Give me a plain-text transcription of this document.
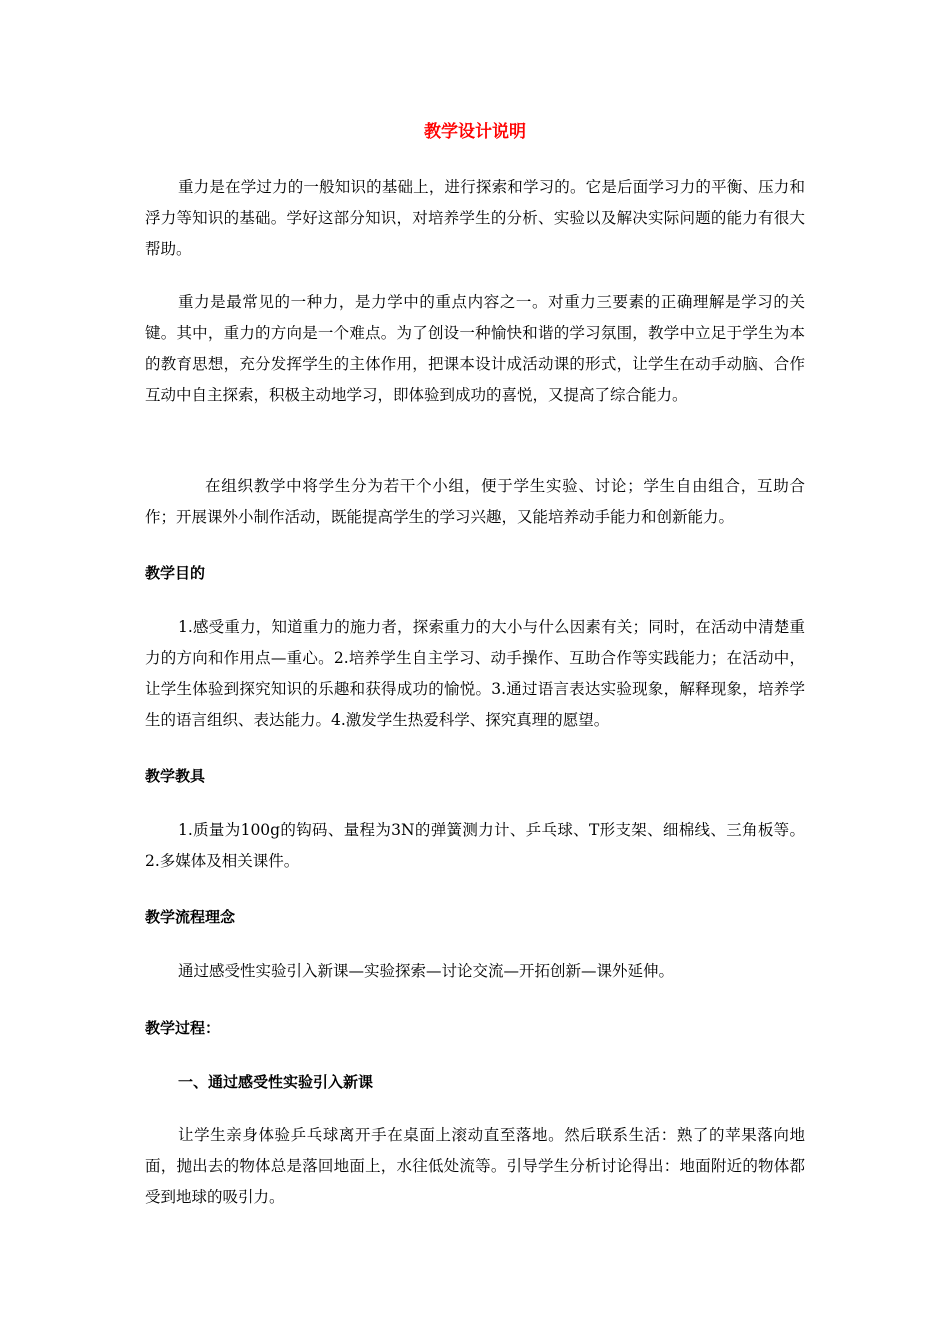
教学设计说明

重力是在学过力的一般知识的基础上，进行探索和学习的。它是后面学习力的平衡、压力和浮力等知识的基础。学好这部分知识，对培养学生的分析、实验以及解决实际问题的能力有很大帮助。

重力是最常见的一种力，是力学中的重点内容之一。对重力三要素的正确理解是学习的关键。其中，重力的方向是一个难点。为了创设一种愉快和谐的学习氛围，教学中立足于学生为本的教育思想，充分发挥学生的主体作用，把课本设计成活动课的形式，让学生在动手动脑、合作互动中自主探索，积极主动地学习，即体验到成功的喜悦，又提高了综合能力。

在组织教学中将学生分为若干个小组，便于学生实验、讨论；学生自由组合，互助合作；开展课外小制作活动，既能提高学生的学习兴趣，又能培养动手能力和创新能力。

教学目的

1.感受重力，知道重力的施力者，探索重力的大小与什么因素有关；同时，在活动中清楚重力的方向和作用点—重心。2.培养学生自主学习、动手操作、互助合作等实践能力；在活动中，让学生体验到探究知识的乐趣和获得成功的愉悦。3.通过语言表达实验现象，解释现象，培养学生的语言组织、表达能力。4.激发学生热爱科学、探究真理的愿望。

教学教具

1.质量为100g的钩码、量程为3N的弹簧测力计、乒乓球、T形支架、细棉线、三角板等。2.多媒体及相关课件。

教学流程理念

通过感受性实验引入新课—实验探索—讨论交流—开拓创新—课外延伸。

教学过程：
一、通过感受性实验引入新课

让学生亲身体验乒乓球离开手在桌面上滚动直至落地。然后联系生活：熟了的苹果落向地面，抛出去的物体总是落回地面上，水往低处流等。引导学生分析讨论得出：地面附近的物体都受到地球的吸引力。
